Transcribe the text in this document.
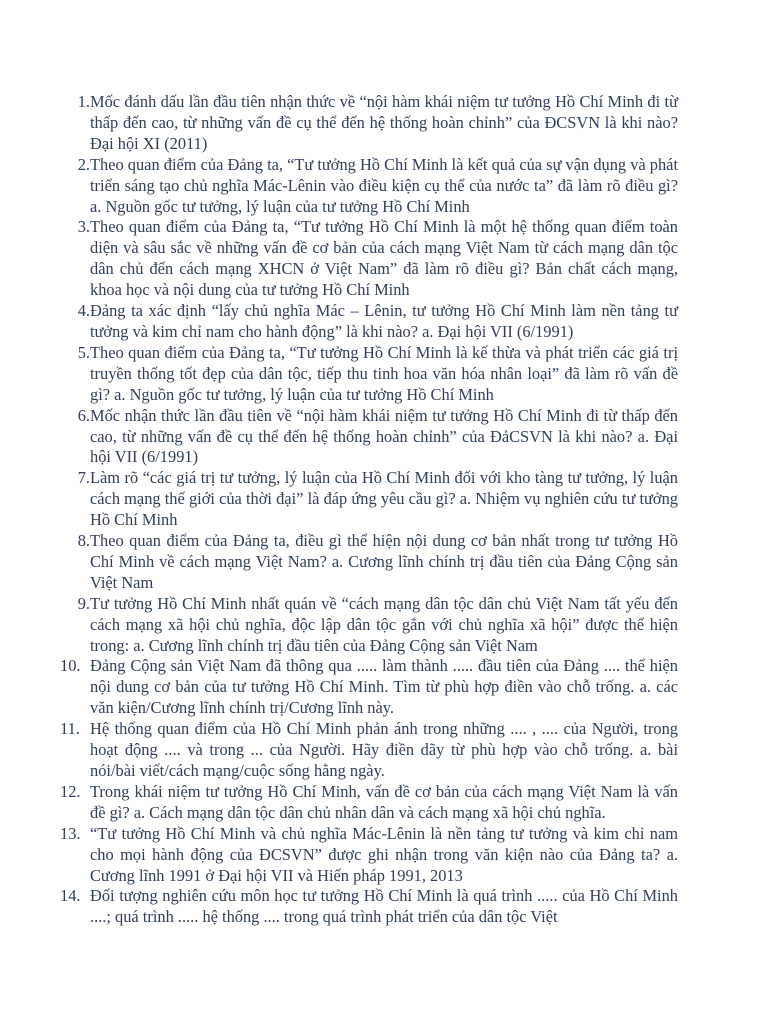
1. Mốc đánh dấu lần đầu tiên nhận thức về “nội hàm khái niệm tư tưởng Hồ Chí Minh đi từ thấp đến cao, từ những vấn đề cụ thể đến hệ thống hoàn chỉnh” của ĐCSVN là khi nào? Đại hội XI (2011)
2. Theo quan điểm của Đảng ta, “Tư tưởng Hồ Chí Minh là kết quả của sự vận dụng và phát triển sáng tạo chủ nghĩa Mác-Lênin vào điều kiện cụ thể của nước ta” đã làm rõ điều gì? a. Nguồn gốc tư tưởng, lý luận của tư tưởng Hồ Chí Minh
3. Theo quan điểm của Đảng ta, “Tư tưởng Hồ Chí Minh là một hệ thống quan điểm toàn diện và sâu sắc về những vấn đề cơ bản của cách mạng Việt Nam từ cách mạng dân tộc dân chủ đến cách mạng XHCN ở Việt Nam” đã làm rõ điều gì? Bản chất cách mạng, khoa học và nội dung của tư tưởng Hồ Chí Minh
4. Đảng ta xác định “lấy chủ nghĩa Mác – Lênin, tư tưởng Hồ Chí Minh làm nền tảng tư tưởng và kim chỉ nam cho hành động” là khi nào? a. Đại hội VII (6/1991)
5. Theo quan điểm của Đảng ta, “Tư tưởng Hồ Chí Minh là kế thừa và phát triển các giá trị truyền thống tốt đẹp của dân tộc, tiếp thu tinh hoa văn hóa nhân loại” đã làm rõ vấn đề gì? a. Nguồn gốc tư tưởng, lý luận của tư tưởng Hồ Chí Minh
6. Mốc nhận thức lần đầu tiên về “nội hàm khái niệm tư tưởng Hồ Chí Minh đi từ thấp đến cao, từ những vấn đề cụ thể đến hệ thống hoàn chỉnh” của ĐảCSVN là khi nào? a. Đại hội VII (6/1991)
7. Làm rõ “các giá trị tư tưởng, lý luận của Hồ Chí Minh đối với kho tàng tư tưởng, lý luận cách mạng thế giới của thời đại” là đáp ứng yêu cầu gì? a. Nhiệm vụ nghiên cứu tư tưởng Hồ Chí Minh
8. Theo quan điểm của Đảng ta, điều gì thể hiện nội dung cơ bản nhất trong tư tưởng Hồ Chí Minh về cách mạng Việt Nam? a. Cương lĩnh chính trị đầu tiên của Đảng Cộng sản Việt Nam
9. Tư tưởng Hồ Chí Minh nhất quán về “cách mạng dân tộc dân chủ Việt Nam tất yếu đến cách mạng xã hội chủ nghĩa, độc lập dân tộc gắn với chủ nghĩa xã hội” được thể hiện trong: a. Cương lĩnh chính trị đầu tiên của Đảng Cộng sản Việt Nam
10. Đảng Cộng sản Việt Nam đã thông qua ..... làm thành ..... đầu tiên của Đảng .... thể hiện nội dung cơ bản của tư tưởng Hồ Chí Minh. Tìm từ phù hợp điền vào chỗ trống. a. các văn kiện/Cương lĩnh chính trị/Cương lĩnh này.
11. Hệ thống quan điểm của Hồ Chí Minh phản ánh trong những .... , .... của Người, trong hoạt động .... và trong ... của Người. Hãy điền dãy từ phù hợp vào chỗ trống. a. bài nói/bài viết/cách mạng/cuộc sống hằng ngày.
12. Trong khái niệm tư tưởng Hồ Chí Minh, vấn đề cơ bản của cách mạng Việt Nam là vấn đề gì? a. Cách mạng dân tộc dân chủ nhân dân và cách mạng xã hội chủ nghĩa.
13. “Tư tưởng Hồ Chí Minh và chủ nghĩa Mác-Lênin là nền tảng tư tưởng và kim chỉ nam cho mọi hành động của ĐCSVN” được ghi nhận trong văn kiện nào của Đảng ta? a. Cương lĩnh 1991 ở Đại hội VII và Hiến pháp 1991, 2013
14. Đối tượng nghiên cứu môn học tư tưởng Hồ Chí Minh là quá trình ..... của Hồ Chí Minh ....; quá trình ..... hệ thống .... trong quá trình phát triển của dân tộc Việt
